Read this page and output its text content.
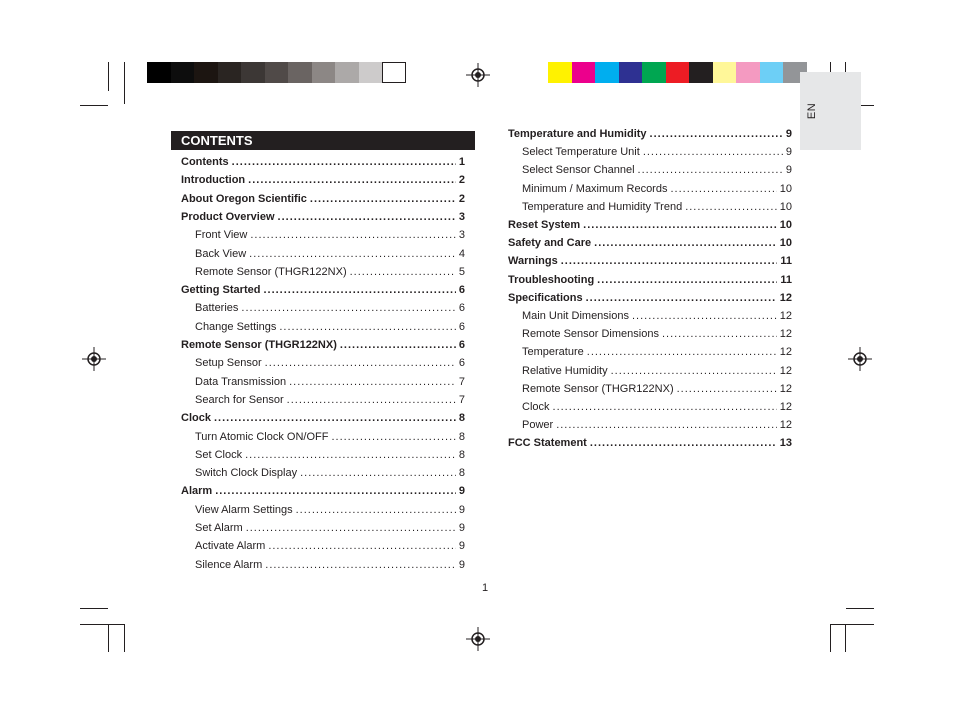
EN
CONTENTS
Contents .....	1
Introduction .....	2
About Oregon Scientific .....	2
Product Overview .....	3
Front View .....	3
Back View .....	4
Remote Sensor (THGR122NX) .....	5
Getting Started .....	6
Batteries .....	6
Change Settings .....	6
Remote Sensor (THGR122NX) .....	6
Setup Sensor .....	6
Data Transmission .....	7
Search for Sensor .....	7
Clock .....	8
Turn Atomic Clock ON/OFF .....	8
Set Clock .....	8
Switch Clock Display .....	8
Alarm .....	9
View Alarm Settings .....	9
Set Alarm .....	9
Activate Alarm .....	9
Silence Alarm .....	9
Temperature and Humidity .....	9
Select Temperature Unit .....	9
Select Sensor Channel .....	9
Minimum / Maximum Records .....	10
Temperature and Humidity Trend .....	10
Reset System .....	10
Safety and Care .....	10
Warnings .....	11
Troubleshooting .....	11
Specifications .....	12
Main Unit Dimensions .....	12
Remote Sensor Dimensions .....	12
Temperature .....	12
Relative Humidity .....	12
Remote Sensor (THGR122NX) .....	12
Clock .....	12
Power .....	12
FCC Statement .....	13
1
